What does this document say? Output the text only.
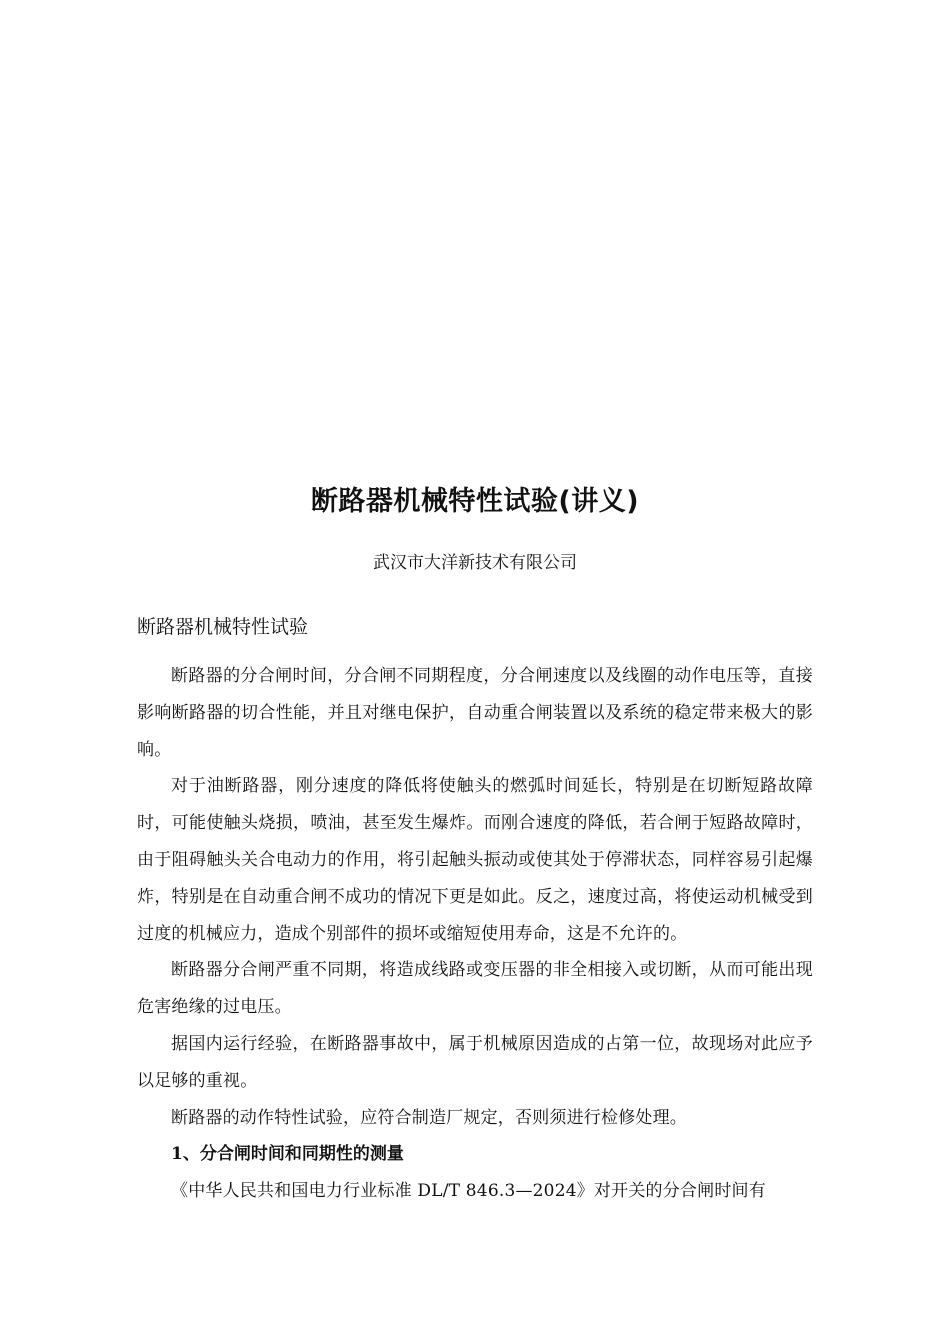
断路器机械特性试验(讲义)

武汉市大洋新技术有限公司

断路器机械特性试验

断路器的分合闸时间，分合闸不同期程度，分合闸速度以及线圈的动作电压等，直接影响断路器的切合性能，并且对继电保护，自动重合闸装置以及系统的稳定带来极大的影响。

对于油断路器，刚分速度的降低将使触头的燃弧时间延长，特别是在切断短路故障时，可能使触头烧损，喷油，甚至发生爆炸。而刚合速度的降低，若合闸于短路故障时，由于阻碍触头关合电动力的作用，将引起触头振动或使其处于停滞状态，同样容易引起爆炸，特别是在自动重合闸不成功的情况下更是如此。反之，速度过高，将使运动机械受到过度的机械应力，造成个别部件的损坏或缩短使用寿命，这是不允许的。

断路器分合闸严重不同期，将造成线路或变压器的非全相接入或切断，从而可能出现危害绝缘的过电压。

据国内运行经验，在断路器事故中，属于机械原因造成的占第一位，故现场对此应予以足够的重视。

断路器的动作特性试验，应符合制造厂规定，否则须进行检修处理。

1、分合闸时间和同期性的测量

《中华人民共和国电力行业标准 DL/T 846.3—2024》对开关的分合闸时间有
